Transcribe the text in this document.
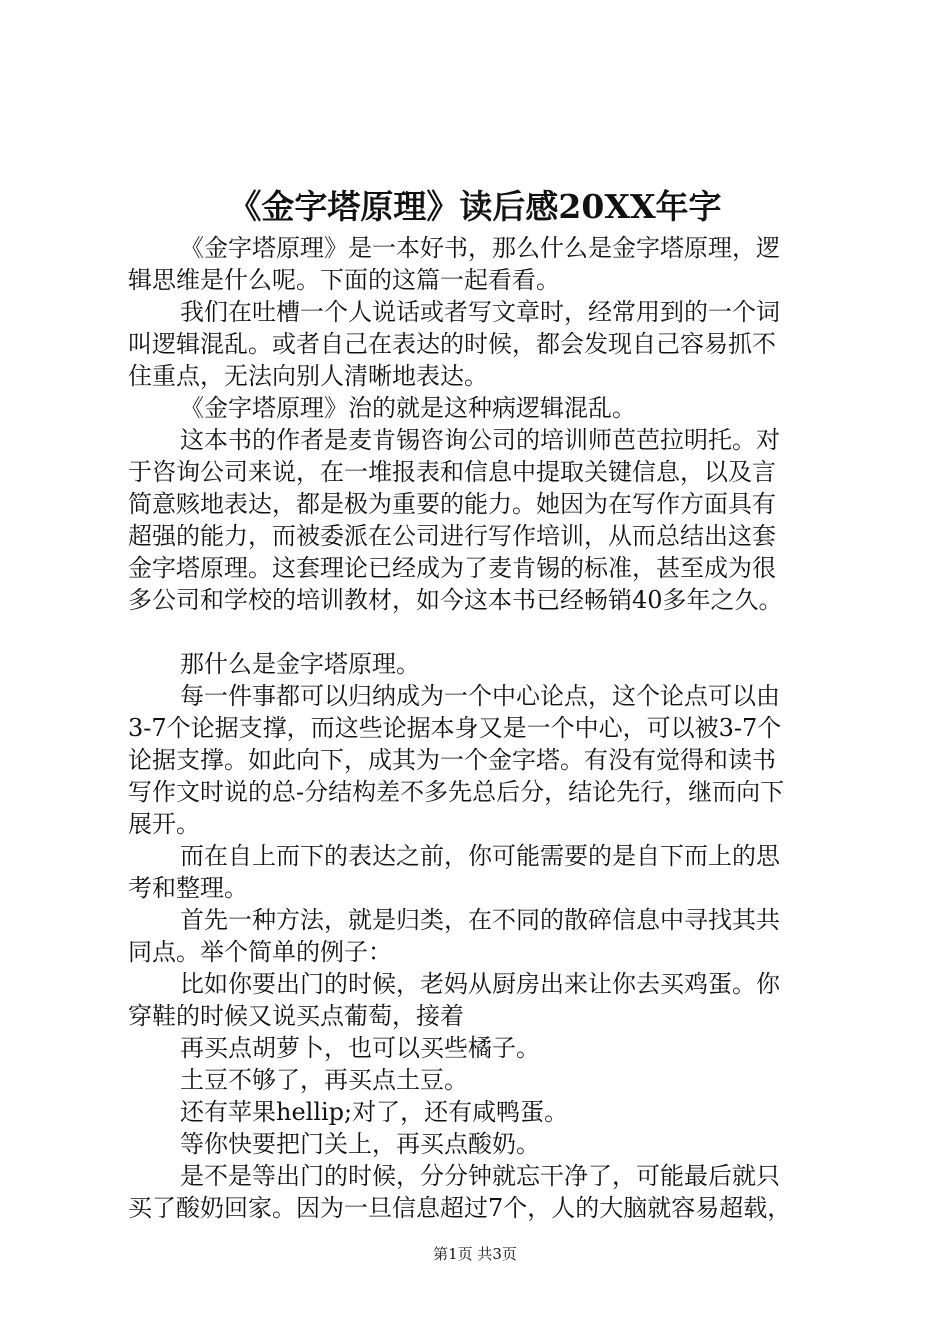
《金字塔原理》读后感20XX年字
《金字塔原理》是一本好书，那么什么是金字塔原理，逻
辑思维是什么呢。下面的这篇一起看看。
我们在吐槽一个人说话或者写文章时，经常用到的一个词
叫逻辑混乱。或者自己在表达的时候，都会发现自己容易抓不
住重点，无法向别人清晰地表达。
《金字塔原理》治的就是这种病逻辑混乱。
这本书的作者是麦肯锡咨询公司的培训师芭芭拉明托。对
于咨询公司来说，在一堆报表和信息中提取关键信息，以及言
简意赅地表达，都是极为重要的能力。她因为在写作方面具有
超强的能力，而被委派在公司进行写作培训，从而总结出这套
金字塔原理。这套理论已经成为了麦肯锡的标准，甚至成为很
多公司和学校的培训教材，如今这本书已经畅销40多年之久。
那什么是金字塔原理。
每一件事都可以归纳成为一个中心论点，这个论点可以由
3-7个论据支撑，而这些论据本身又是一个中心，可以被3-7个
论据支撑。如此向下，成其为一个金字塔。有没有觉得和读书
写作文时说的总-分结构差不多先总后分，结论先行，继而向下
展开。
而在自上而下的表达之前，你可能需要的是自下而上的思
考和整理。
首先一种方法，就是归类，在不同的散碎信息中寻找其共
同点。举个简单的例子：
比如你要出门的时候，老妈从厨房出来让你去买鸡蛋。你
穿鞋的时候又说买点葡萄，接着
再买点胡萝卜，也可以买些橘子。
土豆不够了，再买点土豆。
还有苹果hellip;对了，还有咸鸭蛋。
等你快要把门关上，再买点酸奶。
是不是等出门的时候，分分钟就忘干净了，可能最后就只
买了酸奶回家。因为一旦信息超过7个，人的大脑就容易超载，
第1页 共3页
